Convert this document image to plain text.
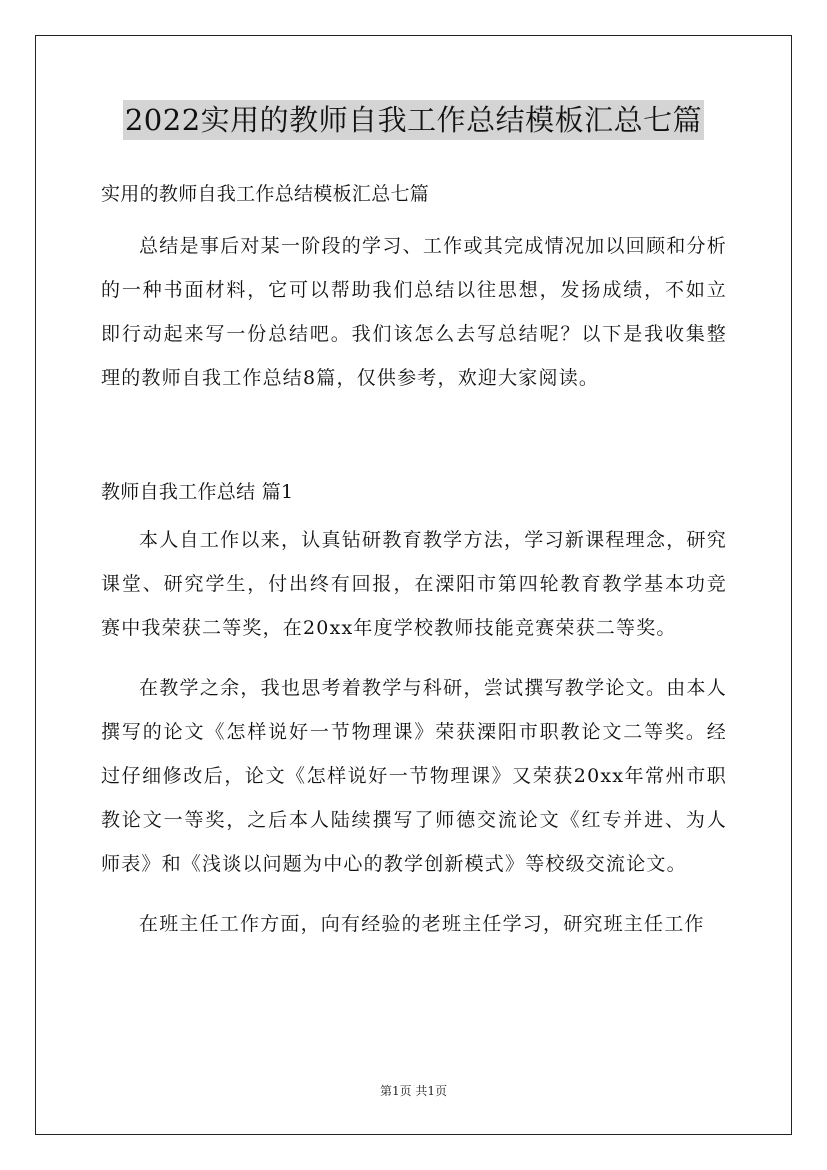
2022实用的教师自我工作总结模板汇总七篇

实用的教师自我工作总结模板汇总七篇

总结是事后对某一阶段的学习、工作或其完成情况加以回顾和分析的一种书面材料，它可以帮助我们总结以往思想，发扬成绩，不如立即行动起来写一份总结吧。我们该怎么去写总结呢？以下是我收集整理的教师自我工作总结8篇，仅供参考，欢迎大家阅读。

教师自我工作总结 篇1

本人自工作以来，认真钻研教育教学方法，学习新课程理念，研究课堂、研究学生，付出终有回报，在溧阳市第四轮教育教学基本功竞赛中我荣获二等奖，在20xx年度学校教师技能竞赛荣获二等奖。

在教学之余，我也思考着教学与科研，尝试撰写教学论文。由本人撰写的论文《怎样说好一节物理课》荣获溧阳市职教论文二等奖。经过仔细修改后，论文《怎样说好一节物理课》又荣获20xx年常州市职教论文一等奖，之后本人陆续撰写了师德交流论文《红专并进、为人师表》和《浅谈以问题为中心的教学创新模式》等校级交流论文。

在班主任工作方面，向有经验的老班主任学习，研究班主任工作

第1页 共1页
